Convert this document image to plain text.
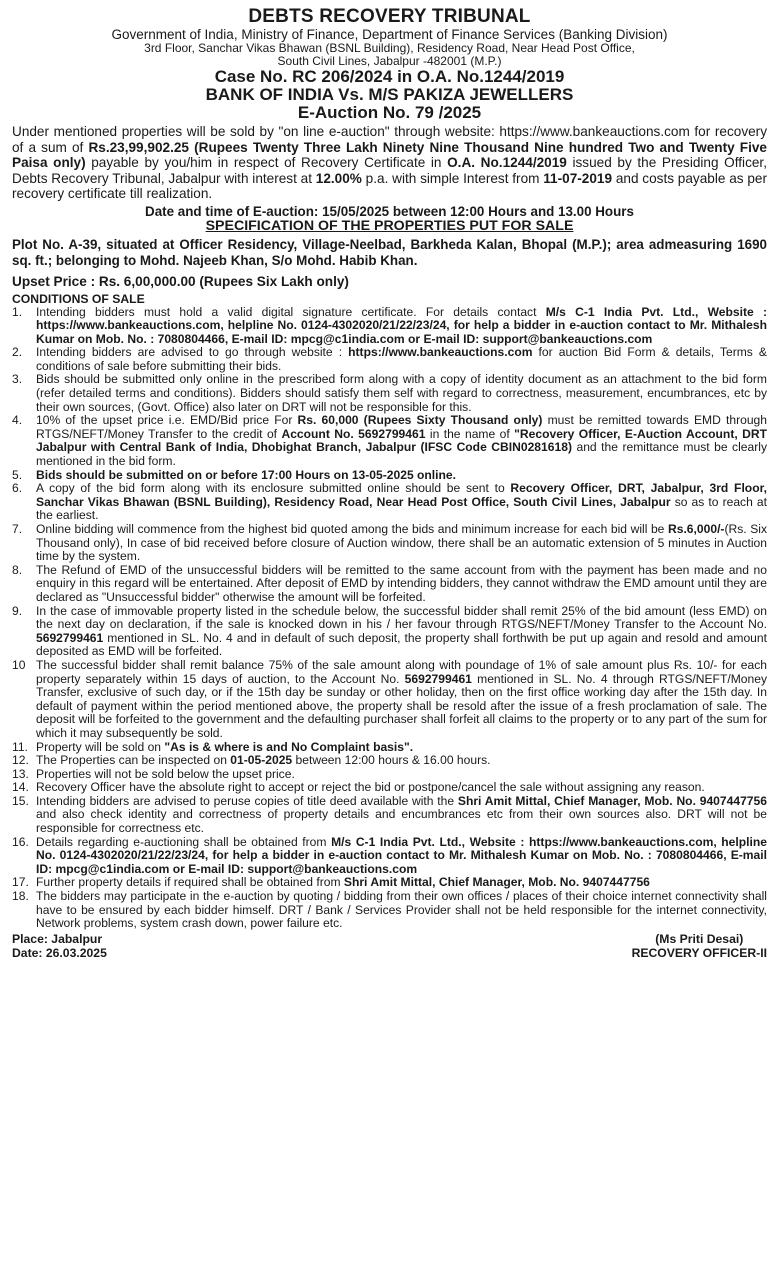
DEBTS RECOVERY TRIBUNAL
Government of India, Ministry of Finance, Department of Finance Services (Banking Division)
3rd Floor, Sanchar Vikas Bhawan (BSNL Building), Residency Road, Near Head Post Office,
South Civil Lines, Jabalpur -482001 (M.P.)
Case No. RC 206/2024 in O.A. No.1244/2019
BANK OF INDIA Vs. M/S PAKIZA JEWELLERS
E-Auction No. 79 /2025
Under mentioned properties will be sold by "on line e-auction" through website: https://www.bankeauctions.com for recovery of a sum of Rs.23,99,902.25 (Rupees Twenty Three Lakh Ninety Nine Thousand Nine hundred Two and Twenty Five Paisa only) payable by you/him in respect of Recovery Certificate in O.A. No.1244/2019 issued by the Presiding Officer, Debts Recovery Tribunal, Jabalpur with interest at 12.00% p.a. with simple Interest from 11-07-2019 and costs payable as per recovery certificate till realization.
Date and time of E-auction: 15/05/2025 between 12:00 Hours and 13.00 Hours
SPECIFICATION OF THE PROPERTIES PUT FOR SALE
Plot No. A-39, situated at Officer Residency, Village-Neelbad, Barkheda Kalan, Bhopal (M.P.); area admeasuring 1690 sq. ft.; belonging to Mohd. Najeeb Khan, S/o Mohd. Habib Khan.
Upset Price : Rs. 6,00,000.00 (Rupees Six Lakh only)
CONDITIONS OF SALE
1.	Intending bidders must hold a valid digital signature certificate. For details contact M/s C-1 India Pvt. Ltd., Website : https://www.bankeauctions.com, helpline No. 0124-4302020/21/22/23/24, for help a bidder in e-auction contact to Mr. Mithalesh Kumar on Mob. No. : 7080804466, E-mail ID: mpcg@c1india.com or E-mail ID: support@bankeauctions.com
2.	Intending bidders are advised to go through website : https://www.bankeauctions.com for auction Bid Form & details, Terms & conditions of sale before submitting their bids.
3.	Bids should be submitted only online in the prescribed form along with a copy of identity document as an attachment to the bid form (refer detailed terms and conditions). Bidders should satisfy them self with regard to correctness, measurement, encumbrances, etc by their own sources, (Govt. Office) also later on DRT will not be responsible for this.
4.	10% of the upset price i.e. EMD/Bid price For Rs. 60,000 (Rupees Sixty Thousand only) must be remitted towards EMD through RTGS/NEFT/Money Transfer to the credit of Account No. 5692799461 in the name of "Recovery Officer, E-Auction Account, DRT Jabalpur with Central Bank of India, Dhobighat Branch, Jabalpur (IFSC Code CBIN0281618) and the remittance must be clearly mentioned in the bid form.
5.	Bids should be submitted on or before 17:00 Hours on 13-05-2025 online.
6.	A copy of the bid form along with its enclosure submitted online should be sent to Recovery Officer, DRT, Jabalpur, 3rd Floor, Sanchar Vikas Bhawan (BSNL Building), Residency Road, Near Head Post Office, South Civil Lines, Jabalpur so as to reach at the earliest.
7.	Online bidding will commence from the highest bid quoted among the bids and minimum increase for each bid will be Rs.6,000/-(Rs. Six Thousand only), In case of bid received before closure of Auction window, there shall be an automatic extension of 5 minutes in Auction time by the system.
8.	The Refund of EMD of the unsuccessful bidders will be remitted to the same account from with the payment has been made and no enquiry in this regard will be entertained. After deposit of EMD by intending bidders, they cannot withdraw the EMD amount until they are declared as "Unsuccessful bidder" otherwise the amount will be forfeited.
9.	In the case of immovable property listed in the schedule below, the successful bidder shall remit 25% of the bid amount (less EMD) on the next day on declaration, if the sale is knocked down in his / her favour through RTGS/NEFT/Money Transfer to the Account No. 5692799461 mentioned in SL. No. 4 and in default of such deposit, the property shall forthwith be put up again and resold and amount deposited as EMD will be forfeited.
10 The successful bidder shall remit balance 75% of the sale amount along with poundage of 1% of sale amount plus Rs. 10/- for each property separately within 15 days of auction, to the Account No. 5692799461 mentioned in SL. No. 4 through RTGS/NEFT/Money Transfer, exclusive of such day, or if the 15th day be sunday or other holiday, then on the first office working day after the 15th day. In default of payment within the period mentioned above, the property shall be resold after the issue of a fresh proclamation of sale. The deposit will be forfeited to the government and the defaulting purchaser shall forfeit all claims to the property or to any part of the sum for which it may subsequently be sold.
11. Property will be sold on "As is & where is and No Complaint basis".
12. The Properties can be inspected on 01-05-2025 between 12:00 hours & 16.00 hours.
13. Properties will not be sold below the upset price.
14. Recovery Officer have the absolute right to accept or reject the bid or postpone/cancel the sale without assigning any reason.
15. Intending bidders are advised to peruse copies of title deed available with the Shri Amit Mittal, Chief Manager, Mob. No. 9407447756 and also check identity and correctness of property details and encumbrances etc from their own sources also. DRT will not be responsible for correctness etc.
16. Details regarding e-auctioning shall be obtained from M/s C-1 India Pvt. Ltd., Website : https://www.bankeauctions.com, helpline No. 0124-4302020/21/22/23/24, for help a bidder in e-auction contact to Mr. Mithalesh Kumar on Mob. No. : 7080804466, E-mail ID: mpcg@c1india.com or E-mail ID: support@bankeauctions.com
17. Further property details if required shall be obtained from Shri Amit Mittal, Chief Manager, Mob. No. 9407447756
18. The bidders may participate in the e-auction by quoting / bidding from their own offices / places of their choice internet connectivity shall have to be ensured by each bidder himself. DRT / Bank / Services Provider shall not be held responsible for the internet connectivity, Network problems, system crash down, power failure etc.
Place: Jabalpur
Date: 26.03.2025
(Ms Priti Desai)
RECOVERY OFFICER-II
